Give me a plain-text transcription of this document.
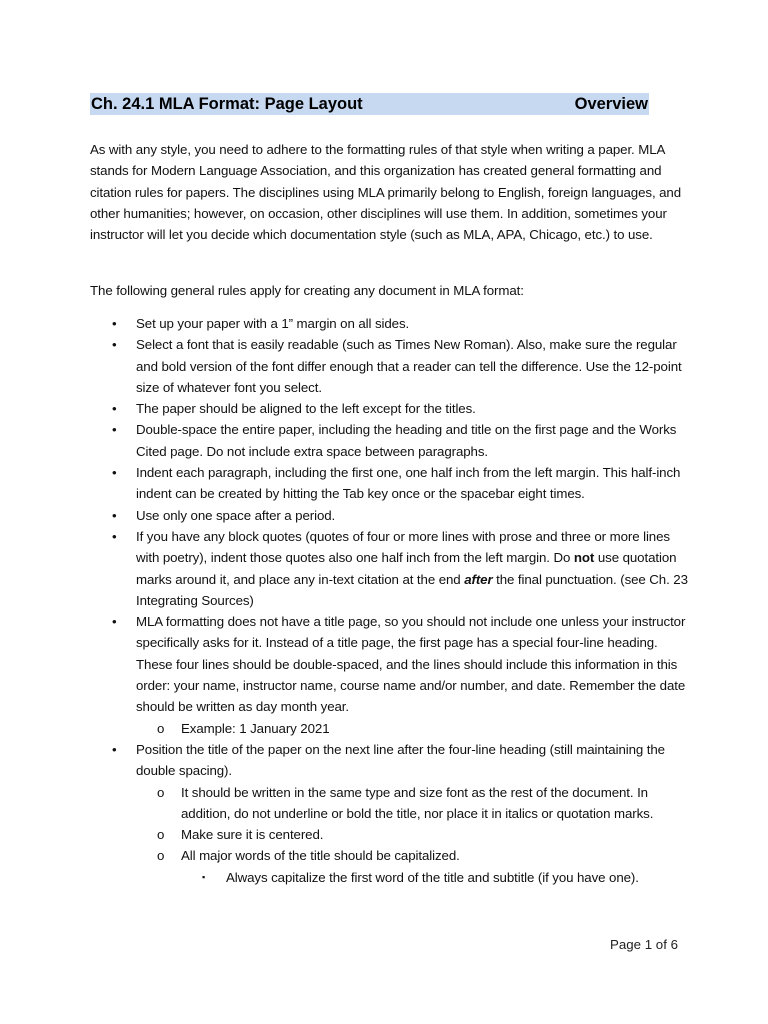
Ch. 24.1 MLA Format: Page Layout	Overview
As with any style, you need to adhere to the formatting rules of that style when writing a paper. MLA stands for Modern Language Association, and this organization has created general formatting and citation rules for papers. The disciplines using MLA primarily belong to English, foreign languages, and other humanities; however, on occasion, other disciplines will use them. In addition, sometimes your instructor will let you decide which documentation style (such as MLA, APA, Chicago, etc.) to use.
The following general rules apply for creating any document in MLA format:
• Set up your paper with a 1” margin on all sides.
• Select a font that is easily readable (such as Times New Roman). Also, make sure the regular and bold version of the font differ enough that a reader can tell the difference. Use the 12-point size of whatever font you select.
• The paper should be aligned to the left except for the titles.
• Double-space the entire paper, including the heading and title on the first page and the Works Cited page. Do not include extra space between paragraphs.
• Indent each paragraph, including the first one, one half inch from the left margin. This half-inch indent can be created by hitting the Tab key once or the spacebar eight times.
• Use only one space after a period.
• If you have any block quotes (quotes of four or more lines with prose and three or more lines with poetry), indent those quotes also one half inch from the left margin. Do not use quotation marks around it, and place any in-text citation at the end after the final punctuation. (see Ch. 23 Integrating Sources)
• MLA formatting does not have a title page, so you should not include one unless your instructor specifically asks for it. Instead of a title page, the first page has a special four-line heading. These four lines should be double-spaced, and the lines should include this information in this order: your name, instructor name, course name and/or number, and date. Remember the date should be written as day month year.
o Example: 1 January 2021
• Position the title of the paper on the next line after the four-line heading (still maintaining the double spacing).
o It should be written in the same type and size font as the rest of the document. In addition, do not underline or bold the title, nor place it in italics or quotation marks.
o Make sure it is centered.
o All major words of the title should be capitalized.
▪ Always capitalize the first word of the title and subtitle (if you have one).
Page 1 of 6
